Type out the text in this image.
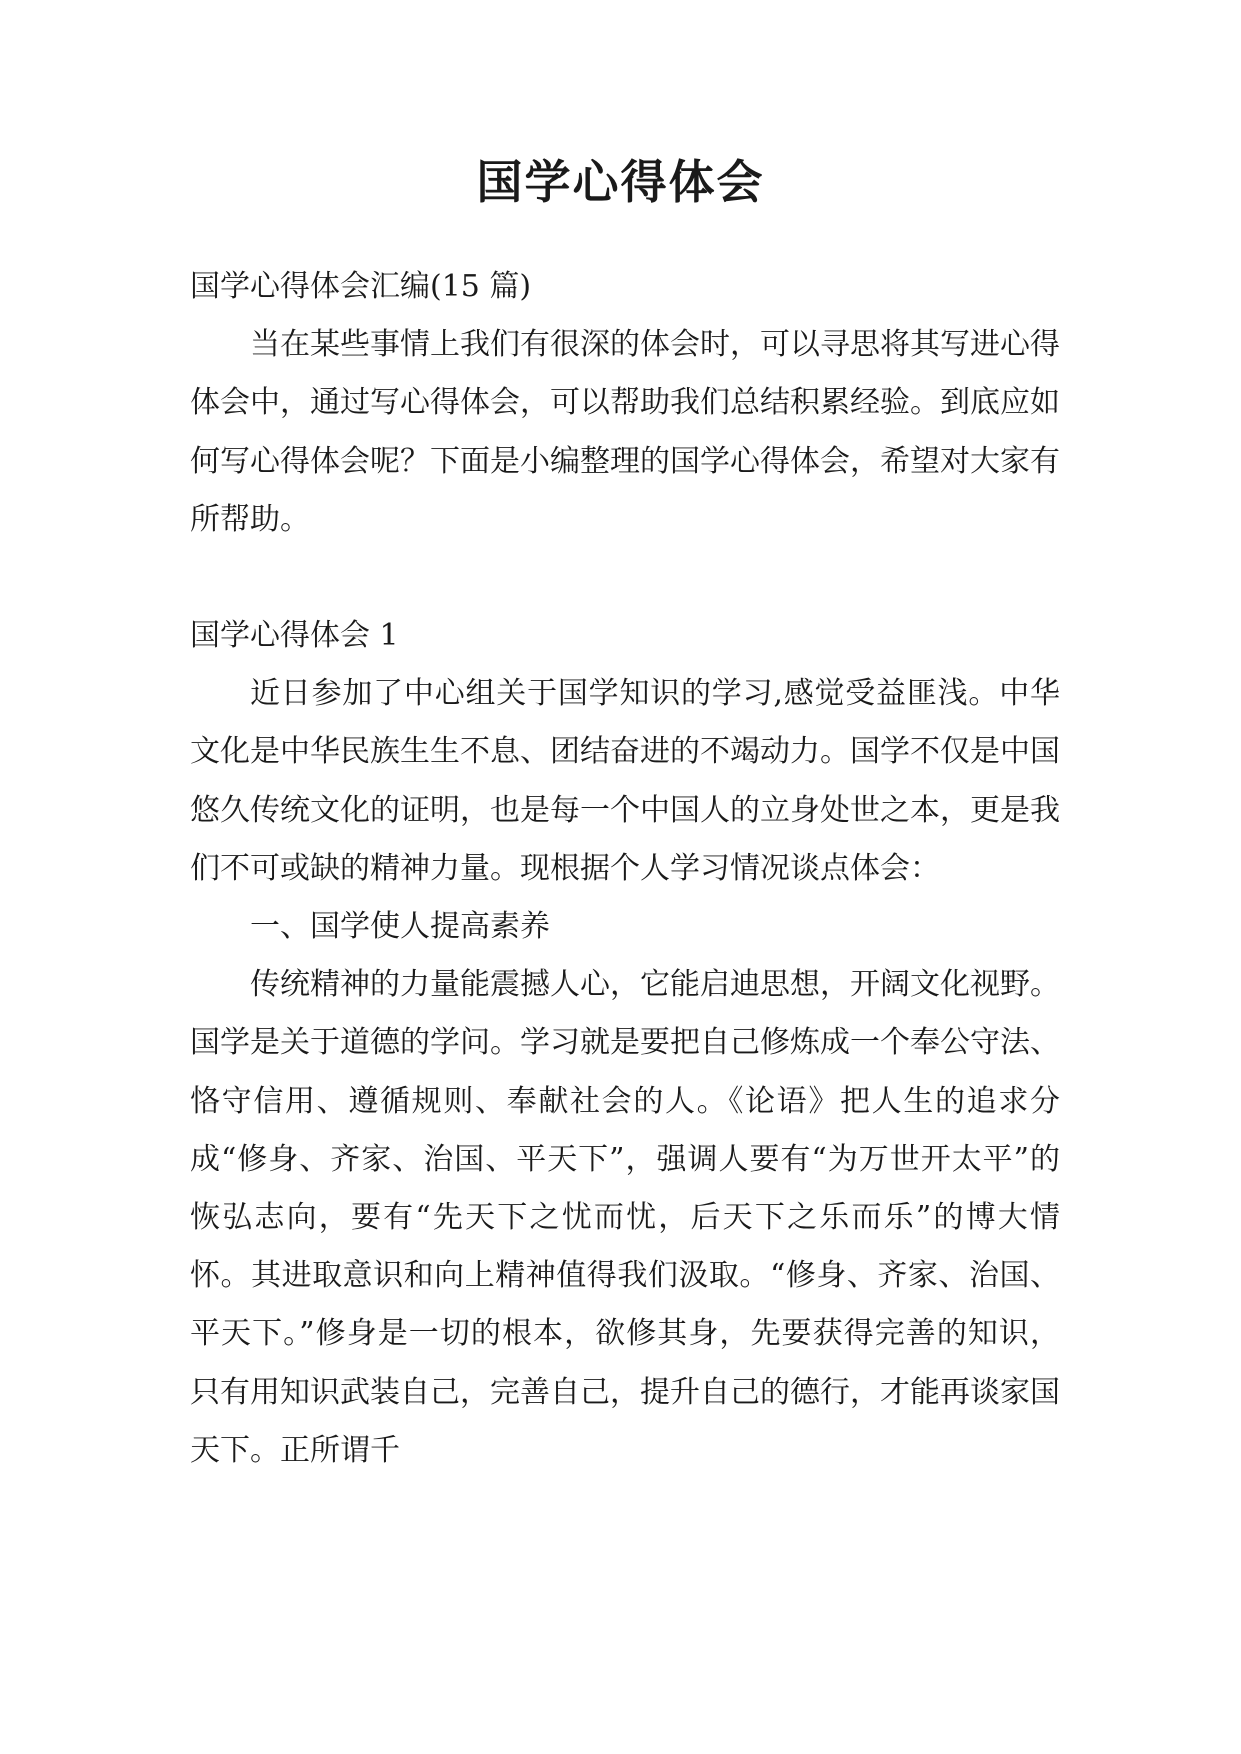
国学心得体会

国学心得体会汇编(15 篇)

当在某些事情上我们有很深的体会时，可以寻思将其写进心得体会中，通过写心得体会，可以帮助我们总结积累经验。到底应如何写心得体会呢？下面是小编整理的国学心得体会，希望对大家有所帮助。

国学心得体会 1

近日参加了中心组关于国学知识的学习,感觉受益匪浅。中华文化是中华民族生生不息、团结奋进的不竭动力。国学不仅是中国悠久传统文化的证明，也是每一个中国人的立身处世之本，更是我们不可或缺的精神力量。现根据个人学习情况谈点体会：

一、国学使人提高素养

传统精神的力量能震撼人心，它能启迪思想，开阔文化视野。国学是关于道德的学问。学习就是要把自己修炼成一个奉公守法、恪守信用、遵循规则、奉献社会的人。《论语》把人生的追求分成“修身、齐家、治国、平天下”，强调人要有“为万世开太平”的恢弘志向，要有“先天下之忧而忧，后天下之乐而乐”的博大情怀。其进取意识和向上精神值得我们汲取。“修身、齐家、治国、平天下。”修身是一切的根本，欲修其身，先要获得完善的知识，只有用知识武装自己，完善自己，提升自己的德行，才能再谈家国天下。正所谓千
